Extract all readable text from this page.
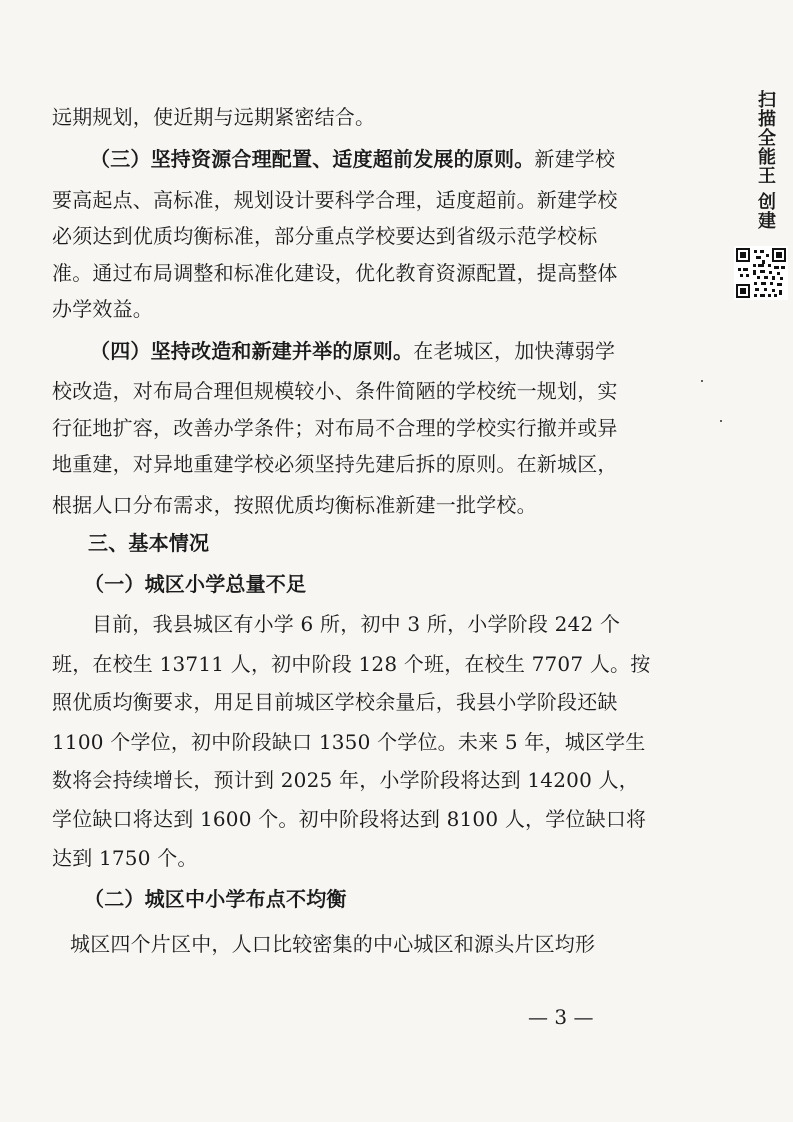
远期规划，使近期与远期紧密结合。
（三）坚持资源合理配置、适度超前发展的原则。新建学校
要高起点、高标准，规划设计要科学合理，适度超前。新建学校
必须达到优质均衡标准，部分重点学校要达到省级示范学校标
准。通过布局调整和标准化建设，优化教育资源配置，提高整体
办学效益。
（四）坚持改造和新建并举的原则。在老城区，加快薄弱学
校改造，对布局合理但规模较小、条件简陋的学校统一规划，实
行征地扩容，改善办学条件；对布局不合理的学校实行撤并或异
地重建，对异地重建学校必须坚持先建后拆的原则。在新城区，
根据人口分布需求，按照优质均衡标准新建一批学校。
三、基本情况
（一）城区小学总量不足
目前，我县城区有小学 6 所，初中 3 所，小学阶段 242 个
班，在校生 13711 人，初中阶段 128 个班，在校生 7707 人。按
照优质均衡要求，用足目前城区学校余量后，我县小学阶段还缺
1100 个学位，初中阶段缺口 1350 个学位。未来 5 年，城区学生
数将会持续增长，预计到 2025 年，小学阶段将达到 14200 人，
学位缺口将达到 1600 个。初中阶段将达到 8100 人，学位缺口将
达到 1750 个。
（二）城区中小学布点不均衡
城区四个片区中，人口比较密集的中心城区和源头片区均形
— 3 —
扫描全能王 创建
